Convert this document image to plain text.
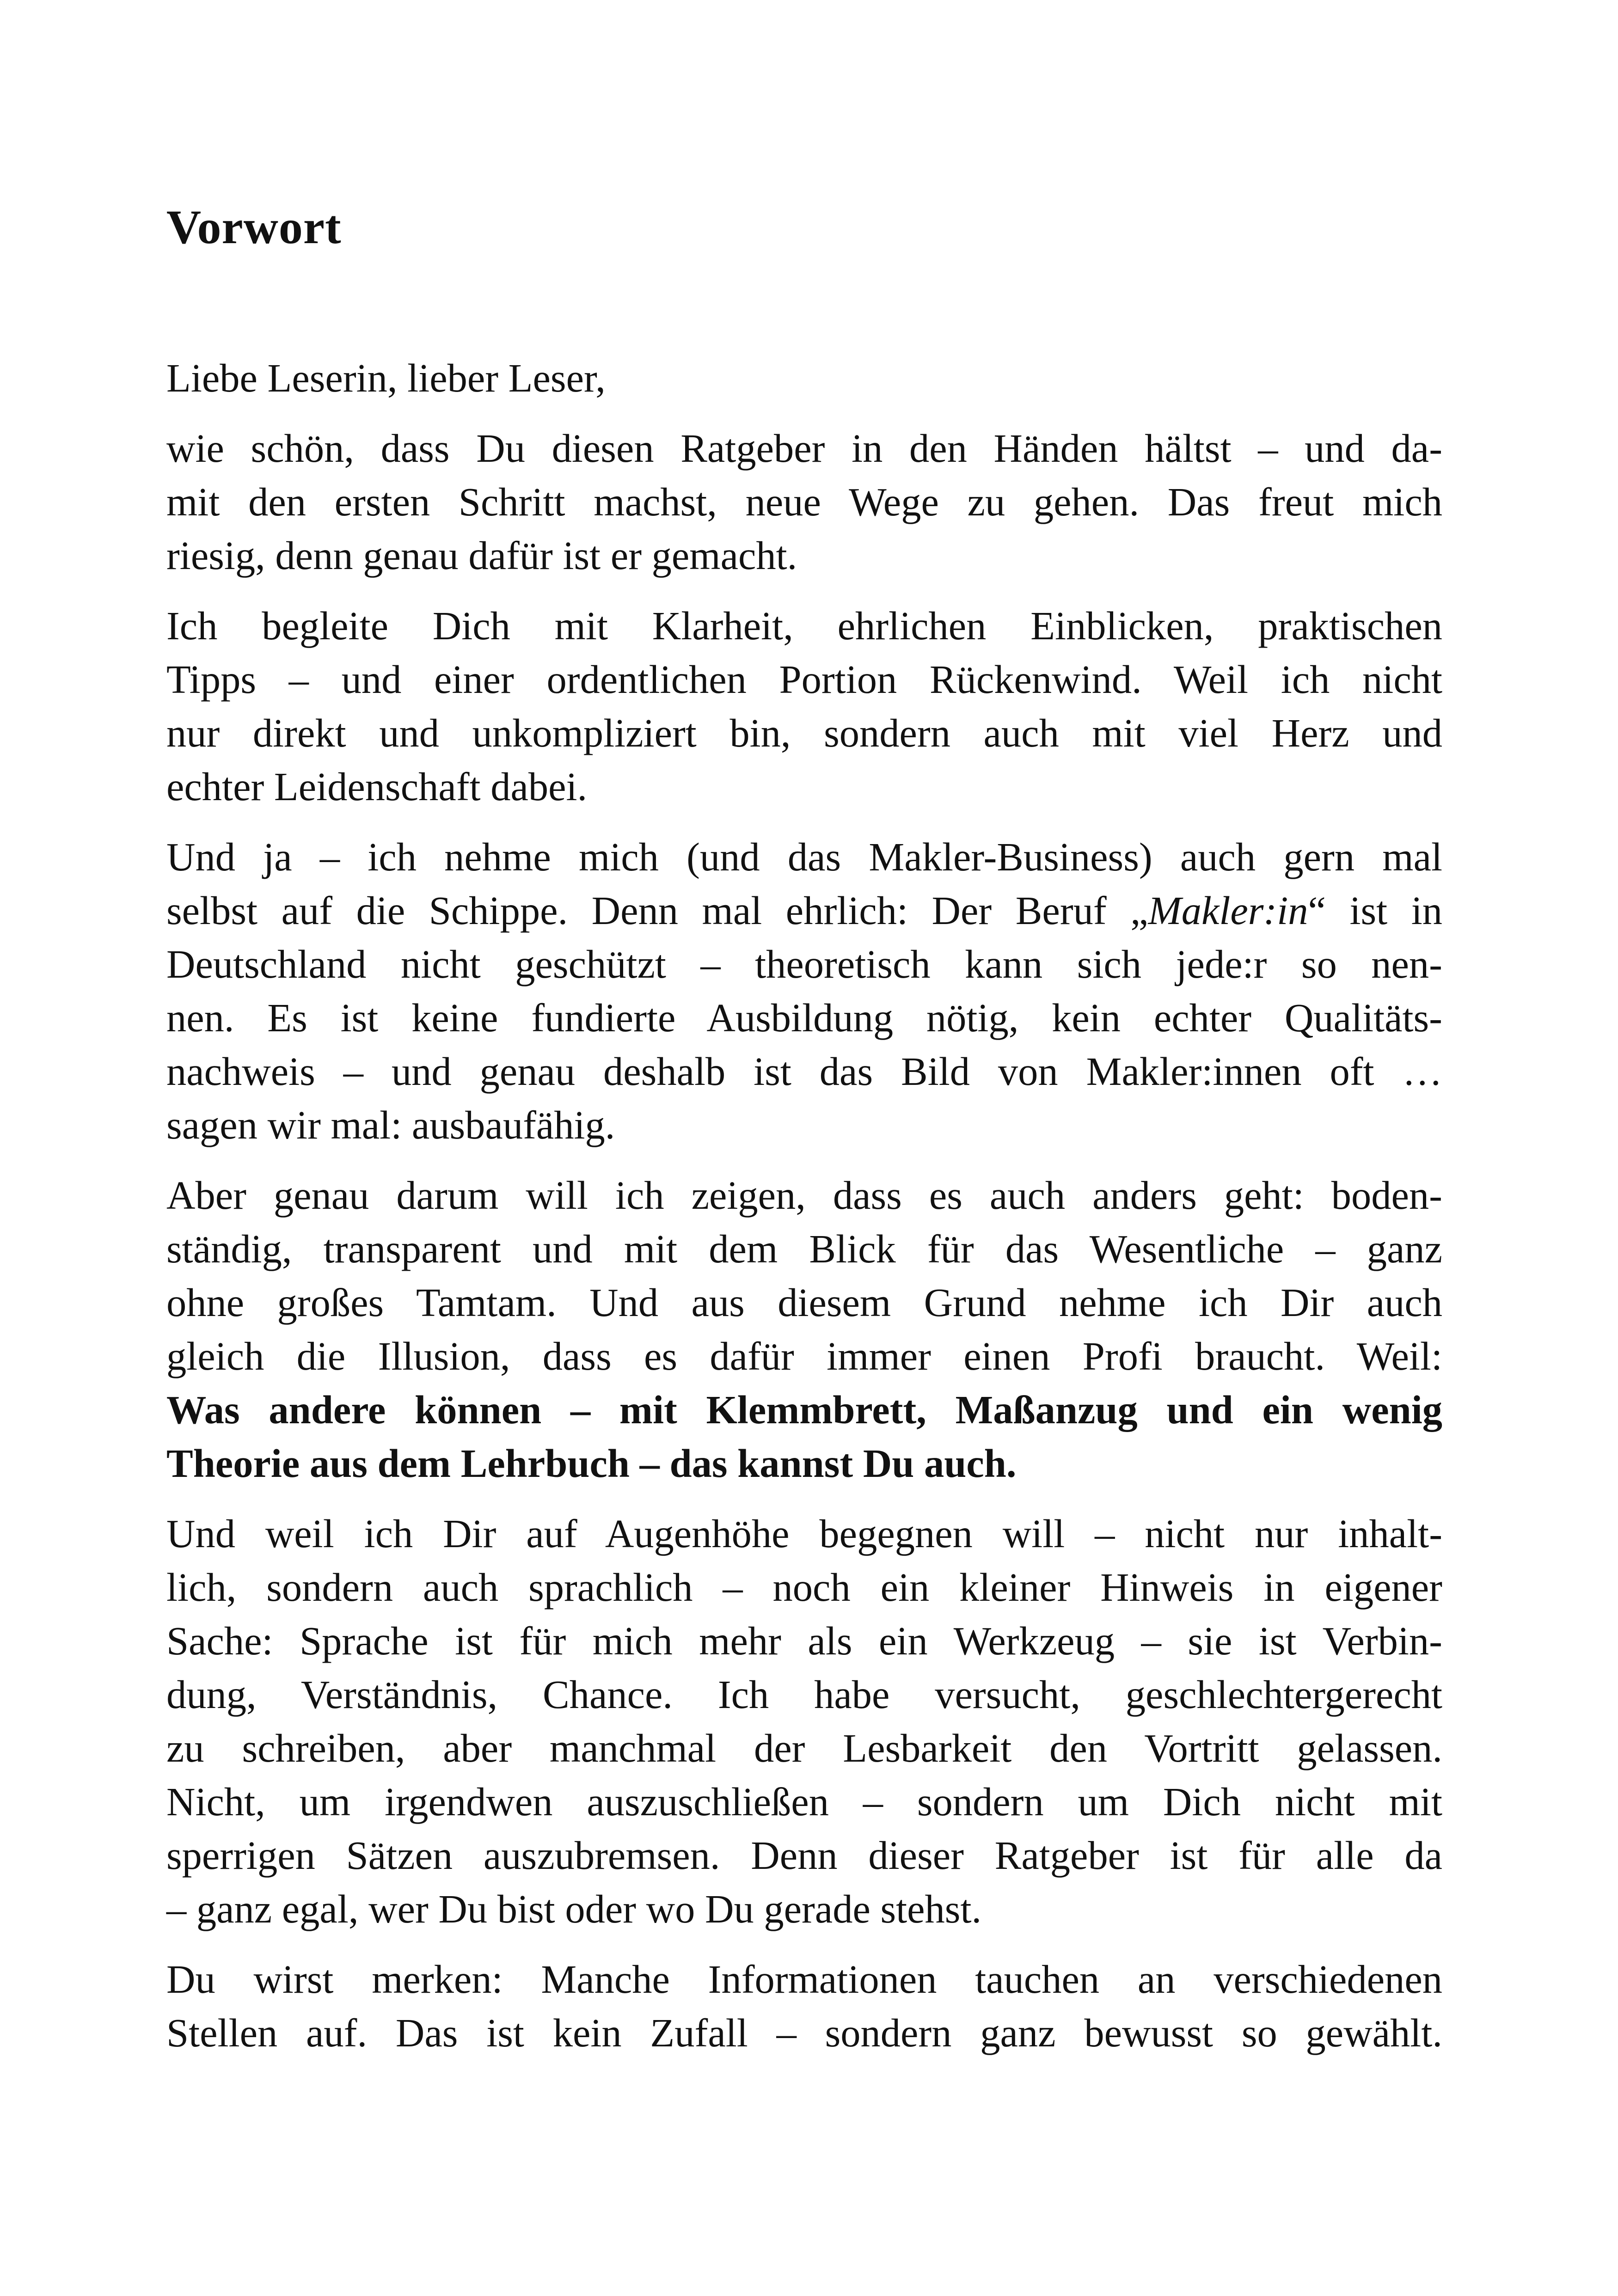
Vorwort

Liebe Leserin, lieber Leser,

wie schön, dass Du diesen Ratgeber in den Händen hältst – und da-
mit den ersten Schritt machst, neue Wege zu gehen. Das freut mich
riesig, denn genau dafür ist er gemacht.

Ich begleite Dich mit Klarheit, ehrlichen Einblicken, praktischen
Tipps – und einer ordentlichen Portion Rückenwind. Weil ich nicht
nur direkt und unkompliziert bin, sondern auch mit viel Herz und
echter Leidenschaft dabei.

Und ja – ich nehme mich (und das Makler-Business) auch gern mal
selbst auf die Schippe. Denn mal ehrlich: Der Beruf „Makler:in“ ist in
Deutschland nicht geschützt – theoretisch kann sich jede:r so nen-
nen. Es ist keine fundierte Ausbildung nötig, kein echter Qualitäts-
nachweis – und genau deshalb ist das Bild von Makler:innen oft …
sagen wir mal: ausbaufähig.

Aber genau darum will ich zeigen, dass es auch anders geht: boden-
ständig, transparent und mit dem Blick für das Wesentliche – ganz
ohne großes Tamtam. Und aus diesem Grund nehme ich Dir auch
gleich die Illusion, dass es dafür immer einen Profi braucht. Weil:
Was andere können – mit Klemmbrett, Maßanzug und ein wenig
Theorie aus dem Lehrbuch – das kannst Du auch.

Und weil ich Dir auf Augenhöhe begegnen will – nicht nur inhalt-
lich, sondern auch sprachlich – noch ein kleiner Hinweis in eigener
Sache: Sprache ist für mich mehr als ein Werkzeug – sie ist Verbin-
dung, Verständnis, Chance. Ich habe versucht, geschlechtergerecht
zu schreiben, aber manchmal der Lesbarkeit den Vortritt gelassen.
Nicht, um irgendwen auszuschließen – sondern um Dich nicht mit
sperrigen Sätzen auszubremsen. Denn dieser Ratgeber ist für alle da
– ganz egal, wer Du bist oder wo Du gerade stehst.

Du wirst merken: Manche Informationen tauchen an verschiedenen
Stellen auf. Das ist kein Zufall – sondern ganz bewusst so gewählt.
